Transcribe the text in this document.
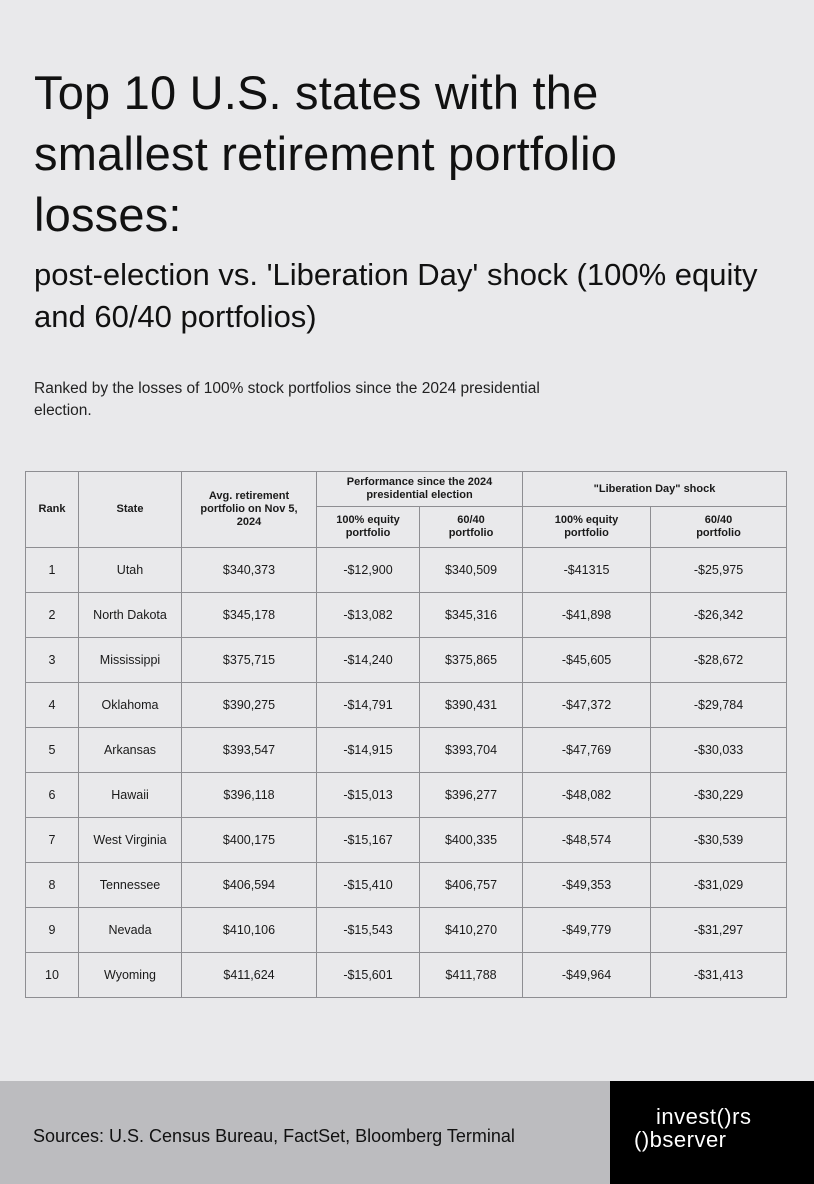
Top 10 U.S. states with the smallest retirement portfolio losses:
post-election vs. 'Liberation Day' shock (100% equity and 60/40 portfolios)

Ranked by the losses of 100% stock portfolios since the 2024 presidential election.

Rank	State	Avg. retirement portfolio on Nov 5, 2024	Performance since the 2024 presidential election		"Liberation Day" shock	
			100% equity portfolio	60/40 portfolio	100% equity portfolio	60/40 portfolio
1	Utah	$340,373	-$12,900	$340,509	-$41315	-$25,975
2	North Dakota	$345,178	-$13,082	$345,316	-$41,898	-$26,342
3	Mississippi	$375,715	-$14,240	$375,865	-$45,605	-$28,672
4	Oklahoma	$390,275	-$14,791	$390,431	-$47,372	-$29,784
5	Arkansas	$393,547	-$14,915	$393,704	-$47,769	-$30,033
6	Hawaii	$396,118	-$15,013	$396,277	-$48,082	-$30,229
7	West Virginia	$400,175	-$15,167	$400,335	-$48,574	-$30,539
8	Tennessee	$406,594	-$15,410	$406,757	-$49,353	-$31,029
9	Nevada	$410,106	-$15,543	$410,270	-$49,779	-$31,297
10	Wyoming	$411,624	-$15,601	$411,788	-$49,964	-$31,413
Sources: U.S. Census Bureau, FactSet, Bloomberg Terminal
invest()rs
()bserver
